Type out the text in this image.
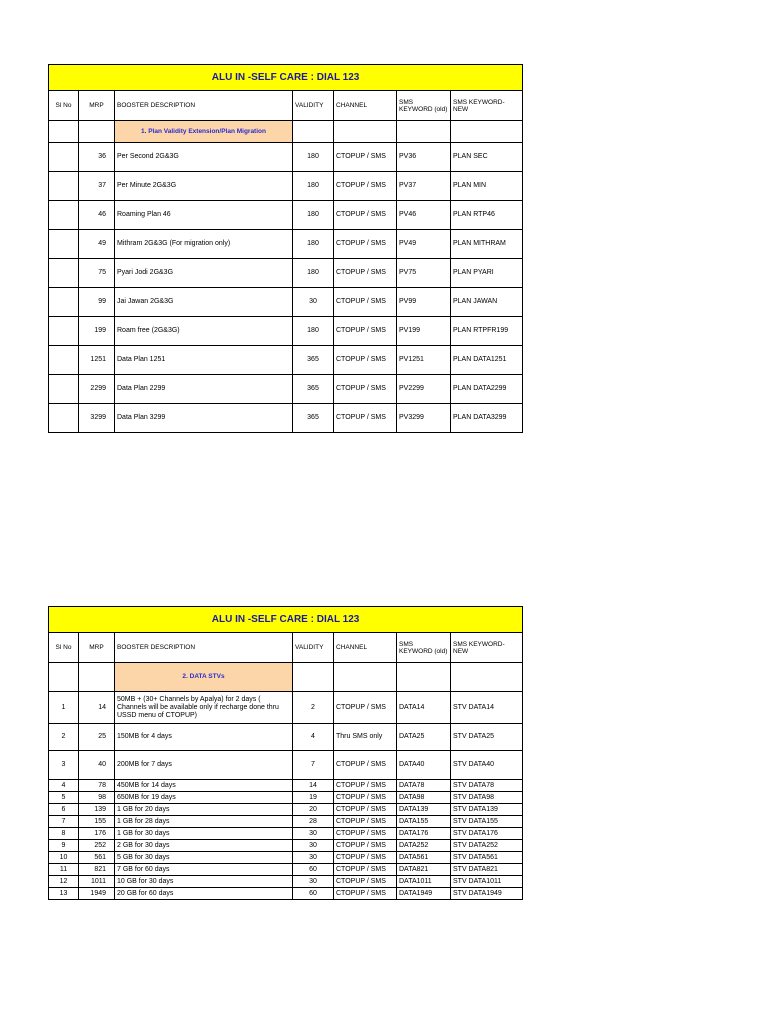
ALU IN -SELF CARE : DIAL 123						
Sl No	MRP	BOOSTER DESCRIPTION	VALIDITY	CHANNEL	SMS KEYWORD (old)	SMS KEYWORD- NEW
		1. Plan Validity Extension/Plan Migration				
	36	Per Second 2G&3G	180	CTOPUP / SMS	PV36	PLAN SEC
	37	Per Minute 2G&3G	180	CTOPUP / SMS	PV37	PLAN MIN
	46	Roaming Plan 46	180	CTOPUP / SMS	PV46	PLAN RTP46
	49	Mithram 2G&3G (For migration only)	180	CTOPUP / SMS	PV49	PLAN MITHRAM
	75	Pyari Jodi 2G&3G	180	CTOPUP / SMS	PV75	PLAN PYARI
	99	Jai Jawan 2G&3G	30	CTOPUP / SMS	PV99	PLAN JAWAN
	199	Roam free (2G&3G)	180	CTOPUP / SMS	PV199	PLAN RTPFR199
	1251	Data Plan 1251	365	CTOPUP / SMS	PV1251	PLAN DATA1251
	2299	Data Plan 2299	365	CTOPUP / SMS	PV2299	PLAN DATA2299
	3299	Data Plan 3299	365	CTOPUP / SMS	PV3299	PLAN DATA3299
ALU IN -SELF CARE : DIAL 123						
Sl No	MRP	BOOSTER DESCRIPTION	VALIDITY	CHANNEL	SMS KEYWORD (old)	SMS KEYWORD- NEW
		2. DATA STVs				
1	14	50MB + (30+ Channels by Apalya) for 2 days ( Channels will be available only if recharge done thru USSD menu of CTOPUP)	2	CTOPUP / SMS	DATA14	STV DATA14
2	25	150MB for 4 days	4	Thru SMS only	DATA25	STV DATA25
3	40	200MB for 7 days	7	CTOPUP / SMS	DATA40	STV DATA40
4	78	450MB for 14 days	14	CTOPUP / SMS	DATA78	STV DATA78
5	98	650MB for 19 days	19	CTOPUP / SMS	DATA98	STV DATA98
6	139	1 GB for 20 days	20	CTOPUP / SMS	DATA139	STV DATA139
7	155	1 GB for 28 days	28	CTOPUP / SMS	DATA155	STV DATA155
8	176	1 GB for 30 days	30	CTOPUP / SMS	DATA176	STV DATA176
9	252	2 GB for 30 days	30	CTOPUP / SMS	DATA252	STV DATA252
10	561	5 GB for 30 days	30	CTOPUP / SMS	DATA561	STV DATA561
11	821	7 GB for 60 days	60	CTOPUP / SMS	DATA821	STV DATA821
12	1011	10 GB for 30 days	30	CTOPUP / SMS	DATA1011	STV DATA1011
13	1949	20 GB for 60 days	60	CTOPUP / SMS	DATA1949	STV DATA1949
